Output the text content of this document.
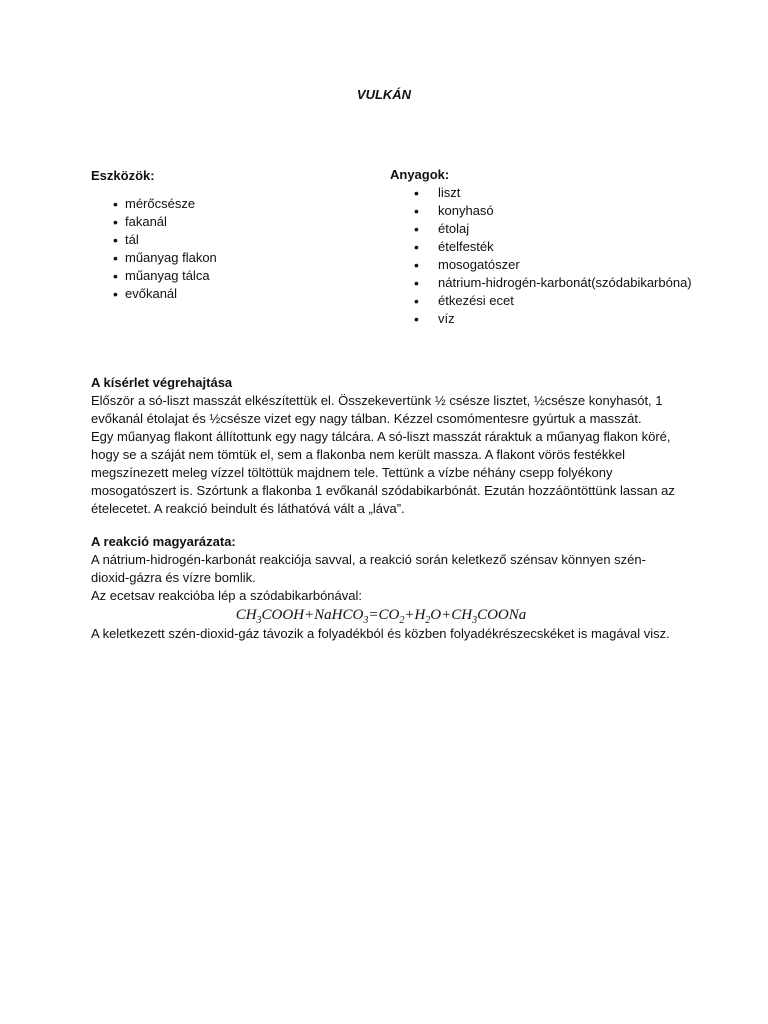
VULKÁN
Eszközök:
• mérőcsésze
• fakanál
• tál
• műanyag flakon
• műanyag tálca
• evőkanál
Anyagok:
• liszt
• konyhasó
• étolaj
• ételfesték
• mosogatószer
• nátrium-hidrogén-karbonát(szódabikarbóna)
• étkezési ecet
• víz
A kísérlet végrehajtása
Először a só-liszt masszát elkészítettük el. Összekevertünk ½ csésze lisztet, ½csésze konyhasót, 1
evőkanál étolajat és ½csésze vizet egy nagy tálban. Kézzel csomómentesre gyúrtuk a masszát.
Egy műanyag flakont állítottunk egy nagy tálcára. A só-liszt masszát ráraktuk a műanyag flakon köré,
hogy se a száját nem tömtük el, sem a flakonba nem került massza. A flakont vörös festékkel
megszínezett meleg vízzel töltöttük majdnem tele. Tettünk a vízbe néhány csepp folyékony
mosogatószert is. Szórtunk a flakonba 1 evőkanál szódabikarbónát. Ezután hozzáöntöttünk lassan az
ételecetet. A reakció beindult és láthatóvá vált a „láva”.
A reakció magyarázata:
A nátrium-hidrogén-karbonát reakciója savval, a reakció során keletkező szénsav könnyen szén-
dioxid-gázra és vízre bomlik.
Az ecetsav reakcióba lép a szódabikarbónával:
$CH_3COOH+NaHCO_3=CO_2+H_2O+CH_3COONa$
A keletkezett szén-dioxid-gáz távozik a folyadékból és közben folyadékrészecskéket is magával visz.
